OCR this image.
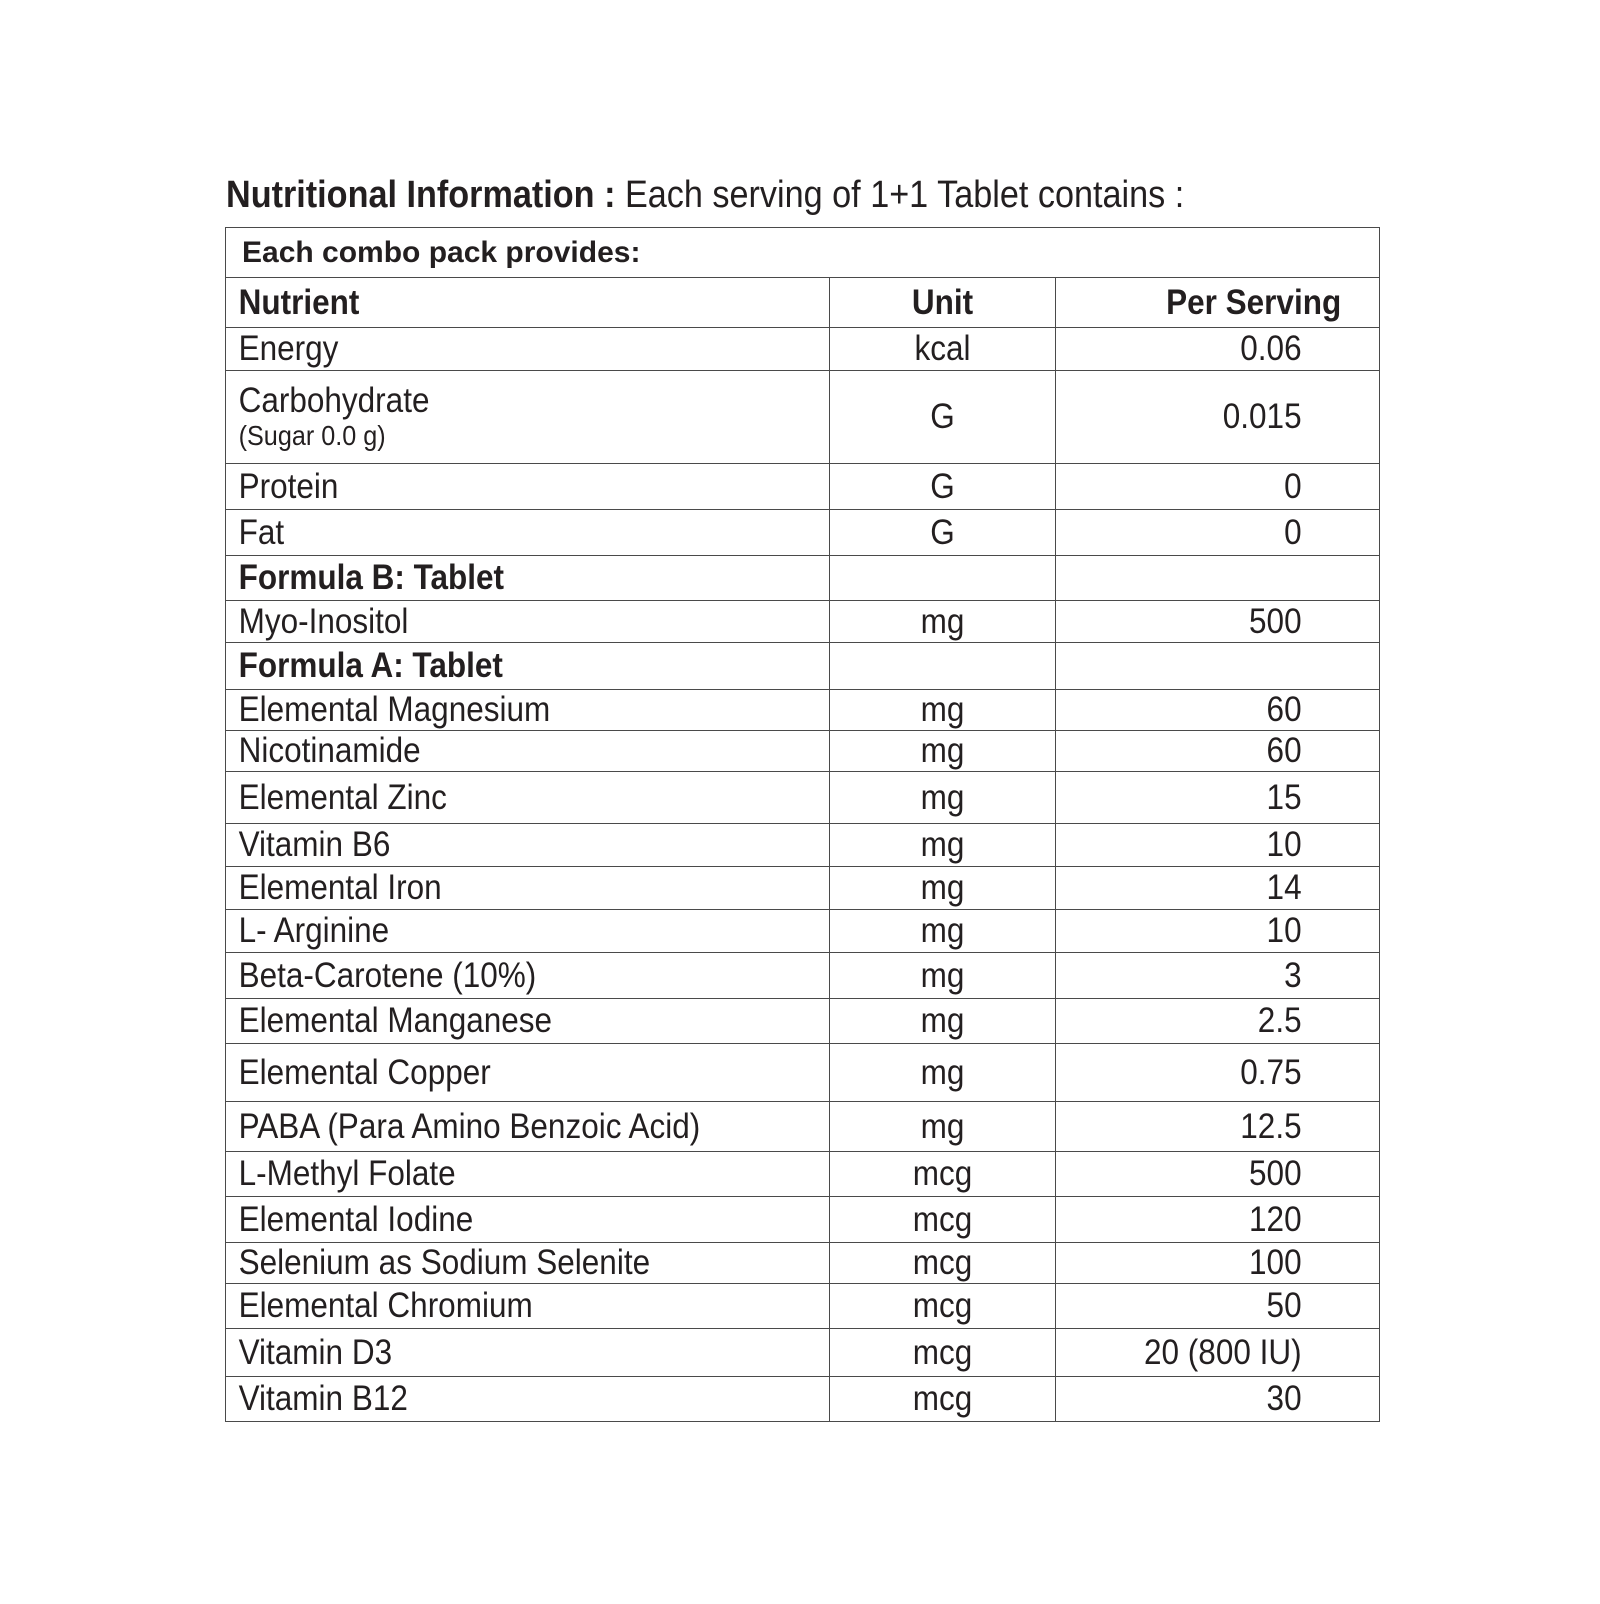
Nutritional Information : Each serving of 1+1 Tablet contains :
Each combo pack provides:		

Nutrient	Unit	Per Serving

Energy	kcal	0.06

Carbohydrate
(Sugar 0.0 g)	G	0.015

Protein	G	0

Fat	G	0

Formula B: Tablet		

Myo-Inositol	mg	500

Formula A: Tablet		

Elemental Magnesium	mg	60

Nicotinamide	mg	60

Elemental Zinc	mg	15

Vitamin B6	mg	10

Elemental Iron	mg	14

L- Arginine	mg	10

Beta-Carotene (10%)	mg	3

Elemental Manganese	mg	2.5

Elemental Copper	mg	0.75

PABA (Para Amino Benzoic Acid)	mg	12.5

L-Methyl Folate	mcg	500

Elemental Iodine	mcg	120

Selenium as Sodium Selenite	mcg	100

Elemental Chromium	mcg	50

Vitamin D3	mcg	20 (800 IU)

Vitamin B12	mcg	30
